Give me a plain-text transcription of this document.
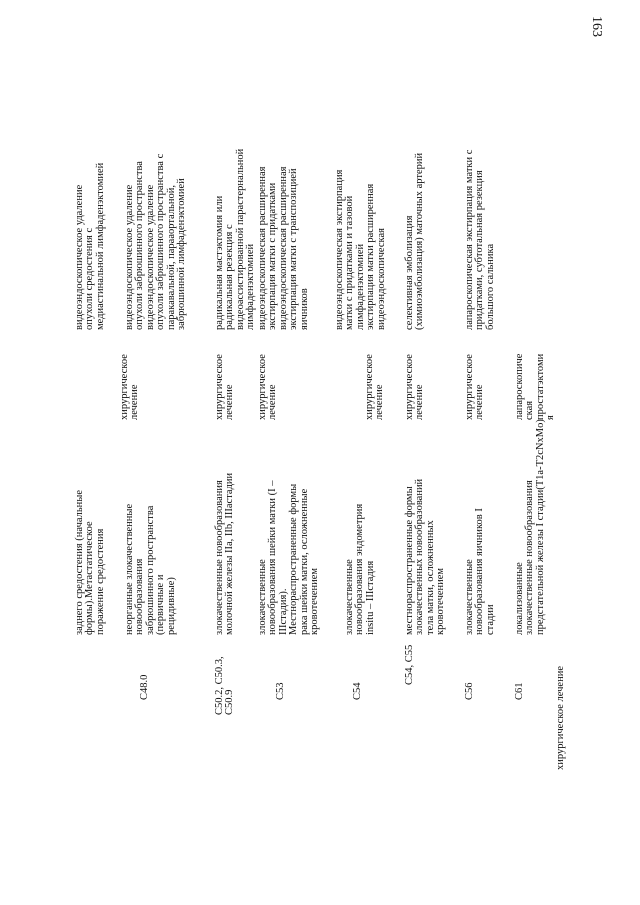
163
хирургическое лечение
заднего средостения (начальные формы).Метастатическое поражение средостения
хирургическое лечение
видеоэндоскопическое удаление опухоли средостения с медиастинальной лимфаденэктомией
C48.0
неорганные злокачественные новообразования забрюшинного пространства (первичные и рецидивные)
видеоэндоскопическое удаление опухоли забрюшинного пространства видеоэндоскопическое удаление опухоли забрюшинного пространства с паракавальной, парааортальной, забрюшинной лимфаденэктомией
C50.2, C50.3, C50.9
злокачественные новообразования молочной железы IIa, IIb, IIIастадии
хирургическое лечение
радикальная мастэктомия или радикальная резекция с видеоассистированной парастернальной лимфаденэктомией
C53
злокачественные новообразования шейки матки (I – IIIстадия). Местнораспространенные формы рака шейки матки, осложненные кровотечением
хирургическое лечение
видеоэндоскопическая расширенная экстирпация матки с придатками видеоэндоскопическая расширенная экстирпация матки с транспозицией яичников
C54
злокачественные новообразования эндометрия insitu – IIIстадия
хирургическое лечение
видеоэндоскопическая экстирпация матки с придатками и тазовой лимфаденэктомией экстирпация матки расширенная видеоэндоскопическая
C54, C55
местнораспространенные формы злокачественных новообразований тела матки, осложненных кровотечением
хирургическое лечение
селективная эмболизация (химиоэмболизация) маточных артерий
C56
злокачественные новообразования яичников I стадии
хирургическое лечение
лапароскопическая экстирпация матки с придатками, субтотальная резекция большого сальника
C61
локализованные злокачественные новообразования предстательной железы I стадии(T1a-T2cNxMo)
лапароскопиче ская простатэктоми я
